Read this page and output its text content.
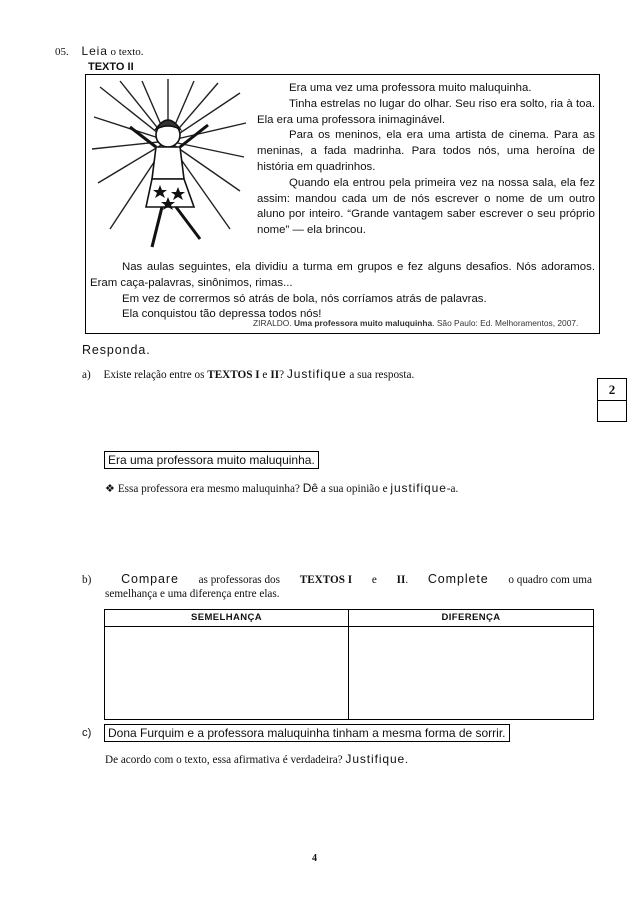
05. Leia o texto.
TEXTO II
Era uma vez uma professora muito maluquinha.
Tinha estrelas no lugar do olhar. Seu riso era solto, ria à toa. Ela era uma professora inimaginável.
Para os meninos, ela era uma artista de cinema. Para as meninas, a fada madrinha. Para todos nós, uma heroína de história em quadrinhos.
Quando ela entrou pela primeira vez na nossa sala, ela fez assim: mandou cada um de nós escrever o nome de um outro aluno por inteiro. “Grande vantagem saber escrever o seu próprio nome” — ela brincou.
Nas aulas seguintes, ela dividiu a turma em grupos e fez alguns desafios. Nós adoramos. Eram caça-palavras, sinônimos, rimas...
Em vez de corrermos só atrás de bola, nós corríamos atrás de palavras.
Ela conquistou tão depressa todos nós!
ZIRALDO. Uma professora muito maluquinha. São Paulo: Ed. Melhoramentos, 2007.
Responda.
a) Existe relação entre os TEXTOS I e II? Justifique a sua resposta.
2
Era uma professora muito maluquinha.
❖ Essa professora era mesmo maluquinha? Dê a sua opinião e justifique-a.
b) Compare as professoras dos TEXTOS I e II. Complete o quadro com uma
semelhança e uma diferença entre elas.
SEMELHANÇA	DIFERENÇA
c)	Dona Furquim e a professora maluquinha tinham a mesma forma de sorrir.
De acordo com o texto, essa afirmativa é verdadeira? Justifique.
4
